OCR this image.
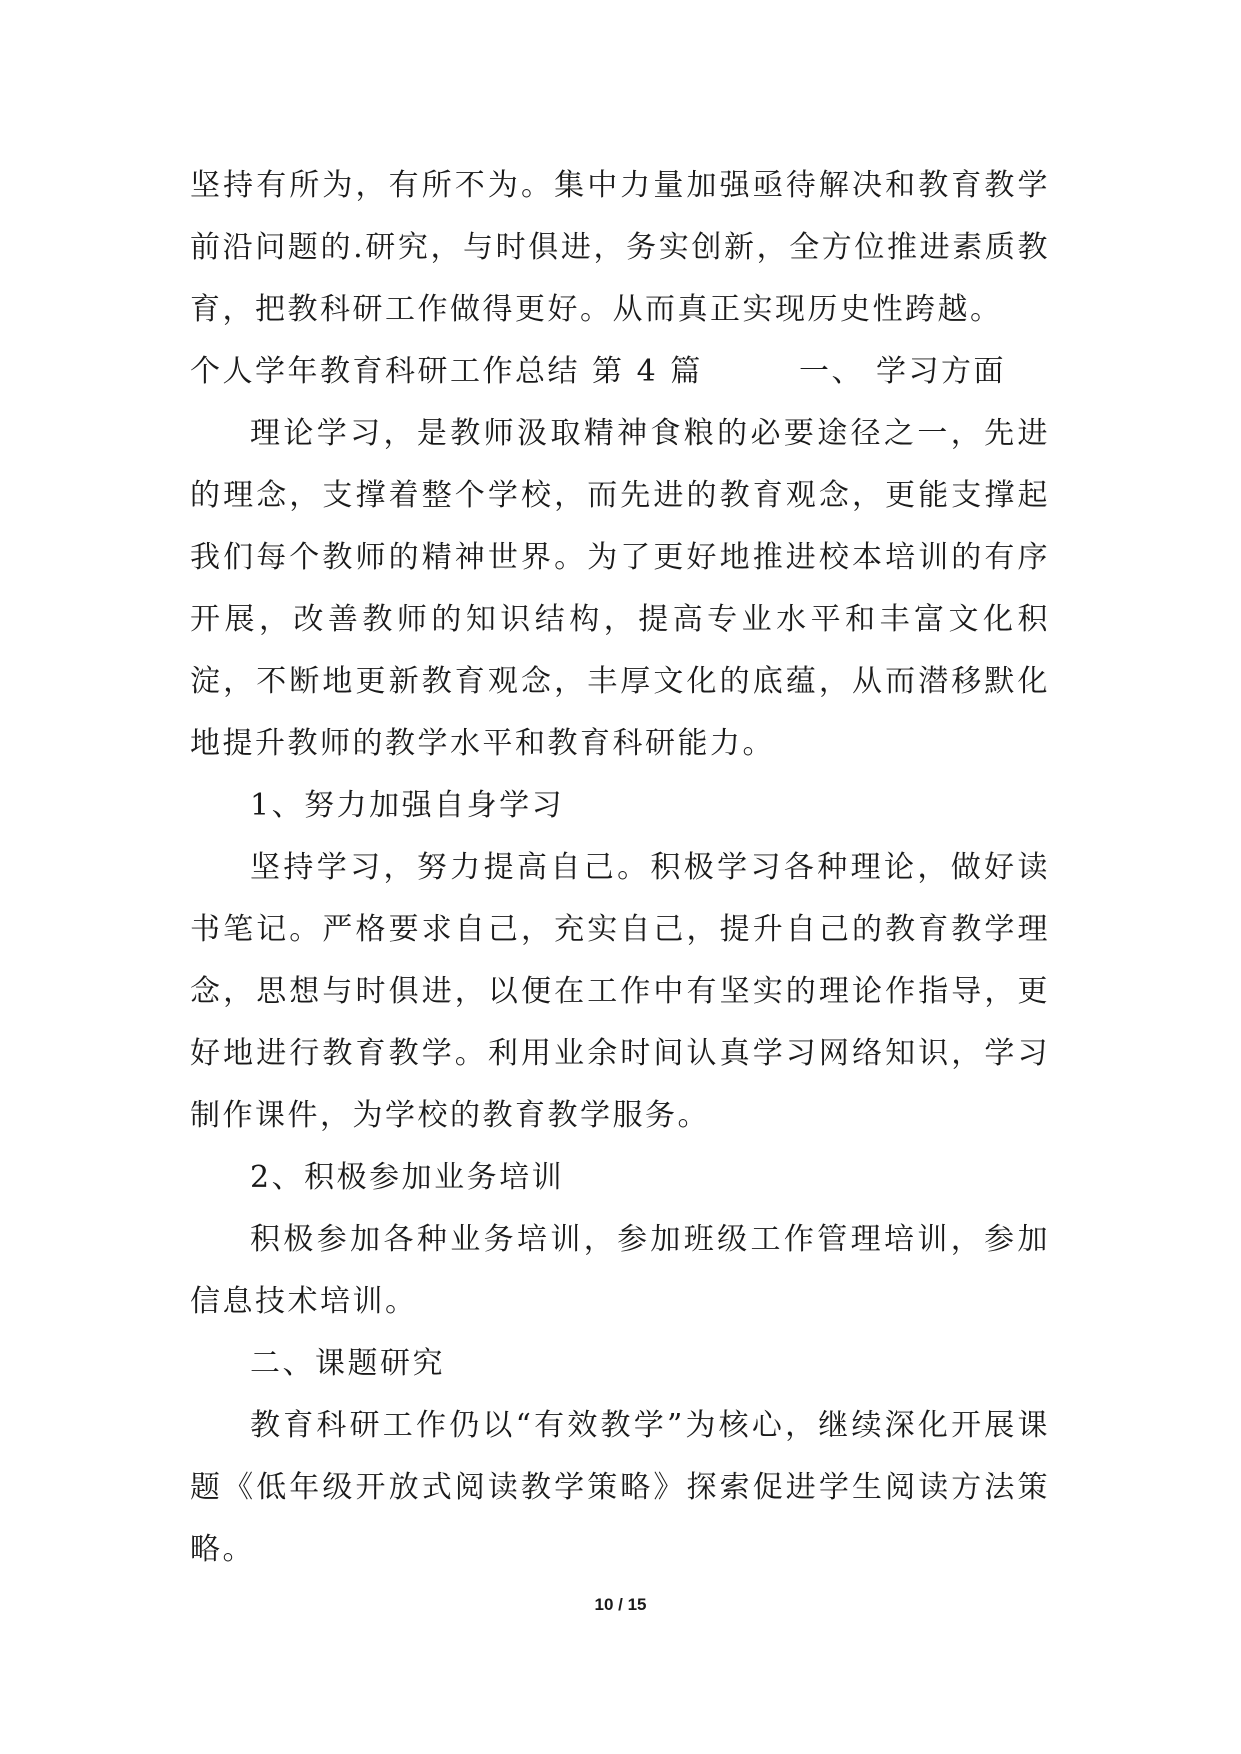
坚持有所为，有所不为。集中力量加强亟待解决和教育教学前沿问题的.研究，与时俱进，务实创新，全方位推进素质教育，把教科研工作做得更好。从而真正实现历史性跨越。

个人学年教育科研工作总结 第 4 篇	一、 学习方面

理论学习，是教师汲取精神食粮的必要途径之一，先进的理念，支撑着整个学校，而先进的教育观念，更能支撑起我们每个教师的精神世界。为了更好地推进校本培训的有序开展，改善教师的知识结构，提高专业水平和丰富文化积淀，不断地更新教育观念，丰厚文化的底蕴，从而潜移默化地提升教师的教学水平和教育科研能力。

1、努力加强自身学习

坚持学习，努力提高自己。积极学习各种理论，做好读书笔记。严格要求自己，充实自己，提升自己的教育教学理念，思想与时俱进，以便在工作中有坚实的理论作指导，更好地进行教育教学。利用业余时间认真学习网络知识，学习制作课件，为学校的教育教学服务。

2、积极参加业务培训

积极参加各种业务培训，参加班级工作管理培训，参加信息技术培训。

二、课题研究

教育科研工作仍以“有效教学”为核心，继续深化开展课题《低年级开放式阅读教学策略》探索促进学生阅读方法策略。

10 / 15
